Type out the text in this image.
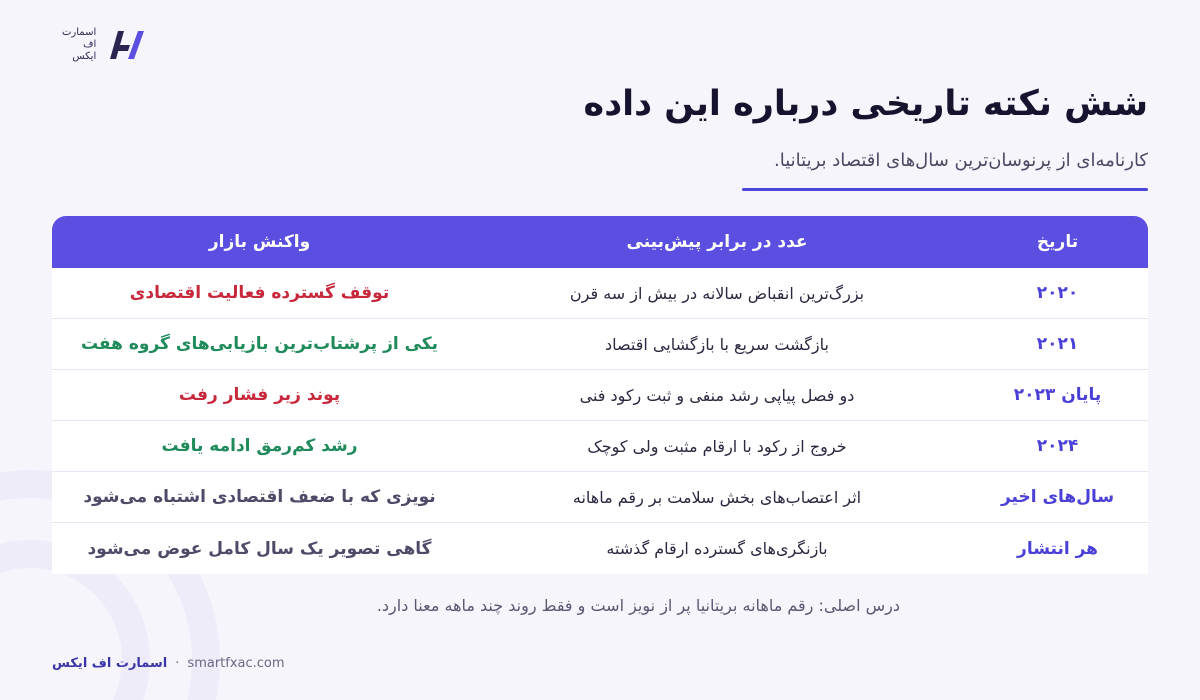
اسمارت
اف
ایکس
شش نکته تاریخی درباره این داده
کارنامه‌ای از پرنوسان‌ترین سال‌های اقتصاد بریتانیا.
تاریخ
عدد در برابر پیش‌بینی
واکنش بازار
۲۰۲۰
بزرگ‌ترین انقباض سالانه در بیش از سه قرن
توقف گسترده فعالیت اقتصادی
۲۰۲۱
بازگشت سریع با بازگشایی اقتصاد
یکی از پرشتاب‌ترین بازیابی‌های گروه هفت
پایان ۲۰۲۳
دو فصل پیاپی رشد منفی و ثبت رکود فنی
پوند زیر فشار رفت
۲۰۲۴
خروج از رکود با ارقام مثبت ولی کوچک
رشد کم‌رمق ادامه یافت
سال‌های اخیر
اثر اعتصاب‌های بخش سلامت بر رقم ماهانه
نویزی که با ضعف اقتصادی اشتباه می‌شود
هر انتشار
بازنگری‌های گسترده ارقام گذشته
گاهی تصویر یک سال کامل عوض می‌شود
درس اصلی: رقم ماهانه بریتانیا پر از نویز است و فقط روند چند ماهه معنا دارد.
اسمارت اف ایکس · smartfxac.com
